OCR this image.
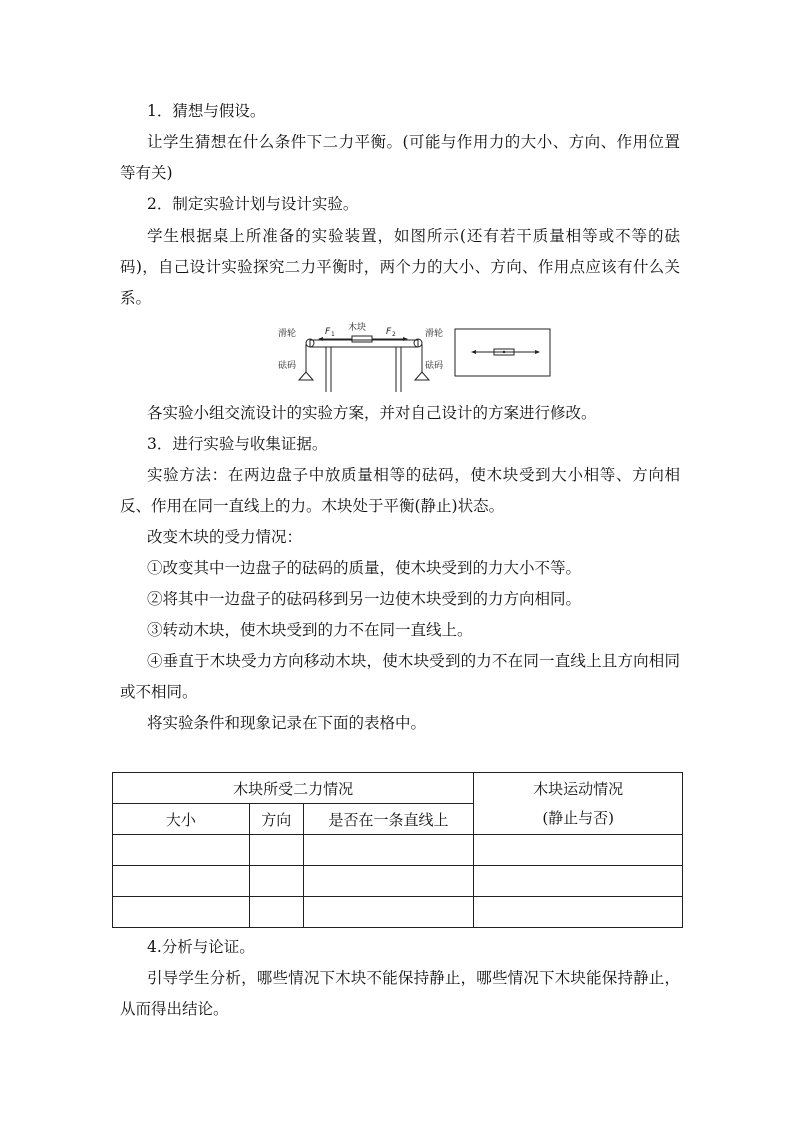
1．猜想与假设。

让学生猜想在什么条件下二力平衡。(可能与作用力的大小、方向、作用位置等有关)

2．制定实验计划与设计实验。

学生根据桌上所准备的实验装置，如图所示(还有若干质量相等或不等的砝码)，自己设计实验探究二力平衡时，两个力的大小、方向、作用点应该有什么关系。

木块
F 1	F 2
滑轮	滑轮
砝码	砝码

各实验小组交流设计的实验方案，并对自己设计的方案进行修改。

3．进行实验与收集证据。

实验方法：在两边盘子中放质量相等的砝码，使木块受到大小相等、方向相反、作用在同一直线上的力。木块处于平衡(静止)状态。

改变木块的受力情况：

①改变其中一边盘子的砝码的质量，使木块受到的力大小不等。

②将其中一边盘子的砝码移到另一边使木块受到的力方向相同。

③转动木块，使木块受到的力不在同一直线上。

④垂直于木块受力方向移动木块，使木块受到的力不在同一直线上且方向相同或不相同。

将实验条件和现象记录在下面的表格中。

木块所受二力情况			木块运动情况
(静止与否)
大小	方向	是否在一条直线上	

4.分析与论证。

引导学生分析，哪些情况下木块不能保持静止，哪些情况下木块能保持静止，从而得出结论。
